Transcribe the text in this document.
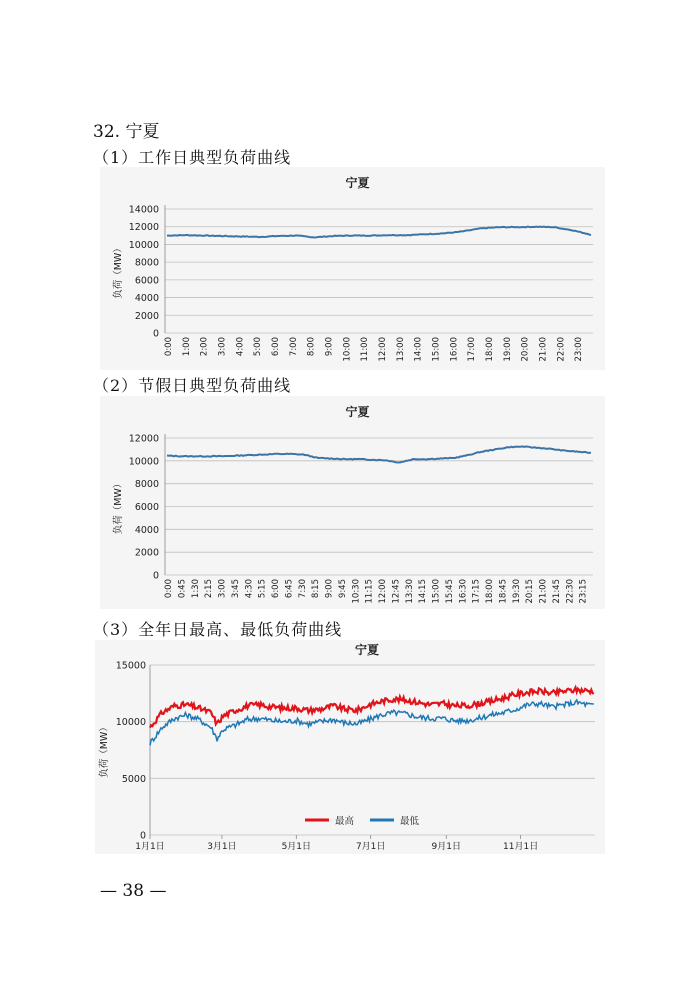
32. 宁夏
（1）工作日典型负荷曲线
宁夏
0
2000
4000
6000
8000
10000
12000
14000
负荷（MW）
0:00 1:00 2:00 3:00 4:00 5:00 6:00 7:00 8:00 9:00 10:00 11:00 12:00 13:00 14:00 15:00 16:00 17:00 18:00 19:00 20:00 21:00 22:00 23:00
（2）节假日典型负荷曲线
宁夏
0
2000
4000
6000
8000
10000
12000
负荷（MW）
0:00 0:45 1:30 2:15 3:00 3:45 4:30 5:15 6:00 6:45 7:30 8:15 9:00 9:45 10:30 11:15 12:00 12:45 13:30 14:15 15:00 15:45 16:30 17:15 18:00 18:45 19:30 20:15 21:00 21:45 22:30 23:15
（3）全年日最高、最低负荷曲线
宁夏
0
5000
10000
15000
负荷（MW）
1月1日	3月1日	5月1日	7月1日	9月1日	11月1日
最高	最低
— 38 —
